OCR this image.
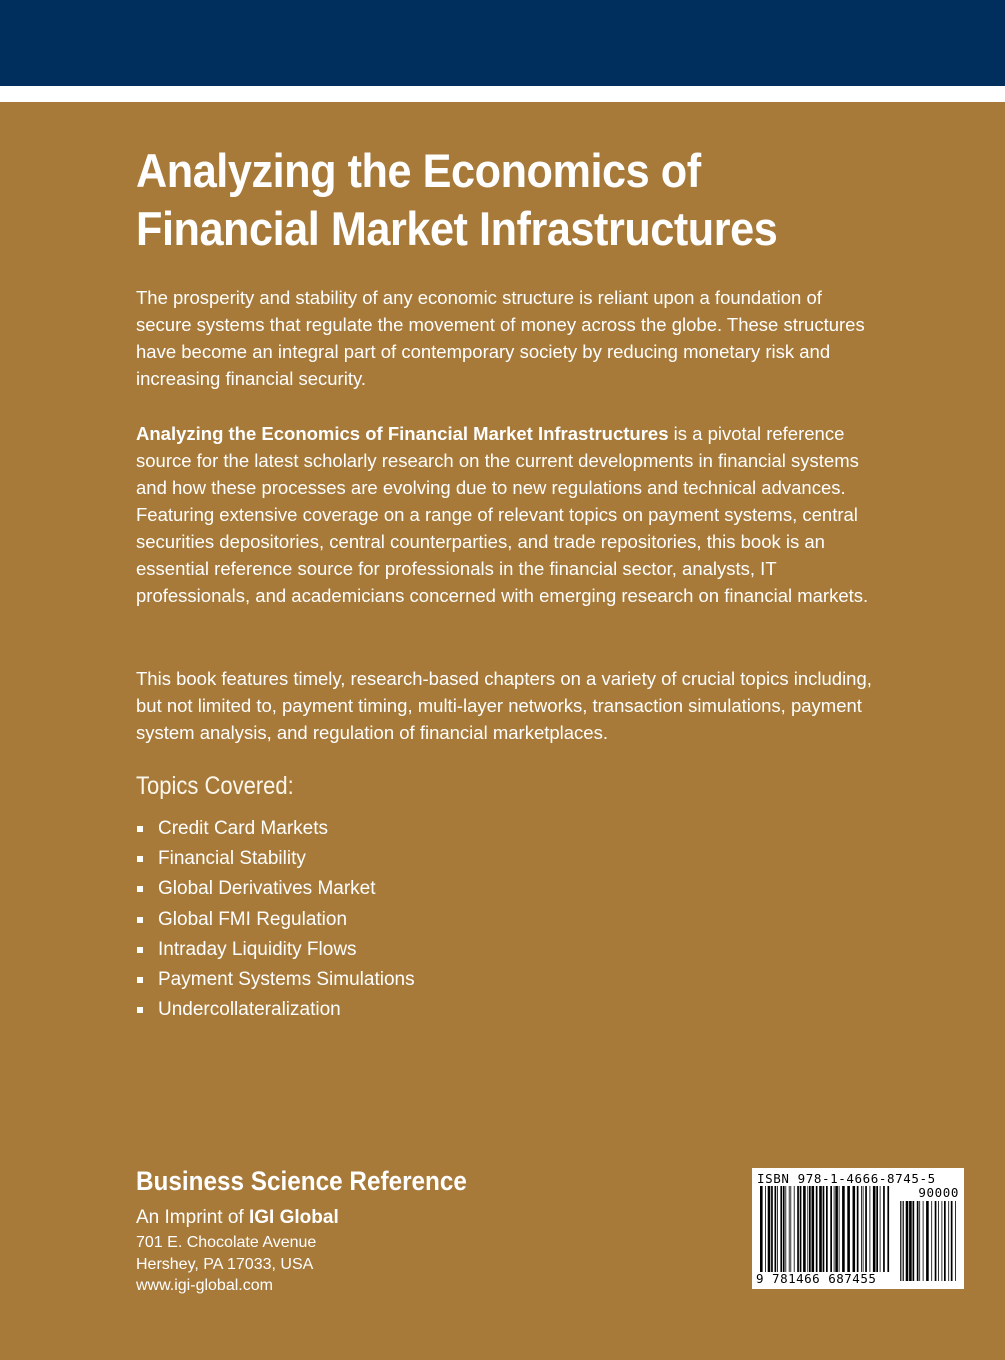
Analyzing the Economics of
Financial Market Infrastructures

The prosperity and stability of any economic structure is reliant upon a foundation of secure systems that regulate the movement of money across the globe. These structures have become an integral part of contemporary society by reducing monetary risk and increasing financial security.

Analyzing the Economics of Financial Market Infrastructures is a pivotal reference source for the latest scholarly research on the current developments in financial systems and how these processes are evolving due to new regulations and technical advances. Featuring extensive coverage on a range of relevant topics on payment systems, central securities depositories, central counterparties, and trade repositories, this book is an essential reference source for professionals in the financial sector, analysts, IT professionals, and academicians concerned with emerging research on financial markets.

This book features timely, research-based chapters on a variety of crucial topics including, but not limited to, payment timing, multi-layer networks, transaction simulations, payment system analysis, and regulation of financial marketplaces.

Topics Covered:
Credit Card Markets
Financial Stability
Global Derivatives Market
Global FMI Regulation
Intraday Liquidity Flows
Payment Systems Simulations
Undercollateralization
Business Science Reference
An Imprint of IGI Global
701 E. Chocolate Avenue
Hershey, PA 17033, USA
www.igi-global.com
ISBN 978-1-4666-8745-5
90000
9 781466 687455
